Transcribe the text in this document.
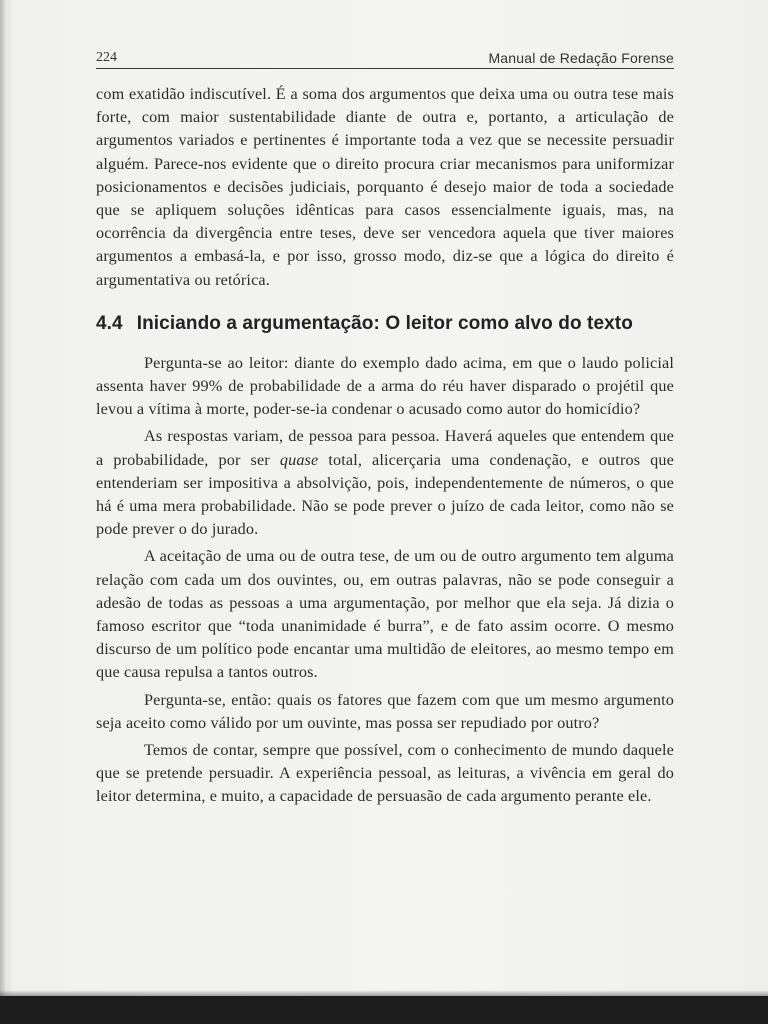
224	Manual de Redação Forense

com exatidão indiscutível. É a soma dos argumentos que deixa uma ou outra tese mais forte, com maior sustentabilidade diante de outra e, portanto, a articulação de argumentos variados e pertinentes é importante toda a vez que se necessite persuadir alguém. Parece-nos evidente que o direito procura criar mecanismos para uniformizar posicionamentos e decisões judiciais, porquanto é desejo maior de toda a sociedade que se apliquem soluções idênticas para casos essencialmente iguais, mas, na ocorrência da divergência entre teses, deve ser vencedora aquela que tiver maiores argumentos a embasá-la, e por isso, grosso modo, diz-se que a lógica do direito é argumentativa ou retórica.

4.4 Iniciando a argumentação: O leitor como alvo do texto

Pergunta-se ao leitor: diante do exemplo dado acima, em que o laudo policial assenta haver 99% de probabilidade de a arma do réu haver disparado o projétil que levou a vítima à morte, poder-se-ia condenar o acusado como autor do homicídio?

As respostas variam, de pessoa para pessoa. Haverá aqueles que entendem que a probabilidade, por ser quase total, alicerçaria uma condenação, e outros que entenderiam ser impositiva a absolvição, pois, independentemente de números, o que há é uma mera probabilidade. Não se pode prever o juízo de cada leitor, como não se pode prever o do jurado.

A aceitação de uma ou de outra tese, de um ou de outro argumento tem alguma relação com cada um dos ouvintes, ou, em outras palavras, não se pode conseguir a adesão de todas as pessoas a uma argumentação, por melhor que ela seja. Já dizia o famoso escritor que “toda unanimidade é burra”, e de fato assim ocorre. O mesmo discurso de um político pode encantar uma multidão de eleitores, ao mesmo tempo em que causa repulsa a tantos outros.

Pergunta-se, então: quais os fatores que fazem com que um mesmo argumento seja aceito como válido por um ouvinte, mas possa ser repudiado por outro?

Temos de contar, sempre que possível, com o conhecimento de mundo daquele que se pretende persuadir. A experiência pessoal, as leituras, a vivência em geral do leitor determina, e muito, a capacidade de persuasão de cada argumento perante ele.
